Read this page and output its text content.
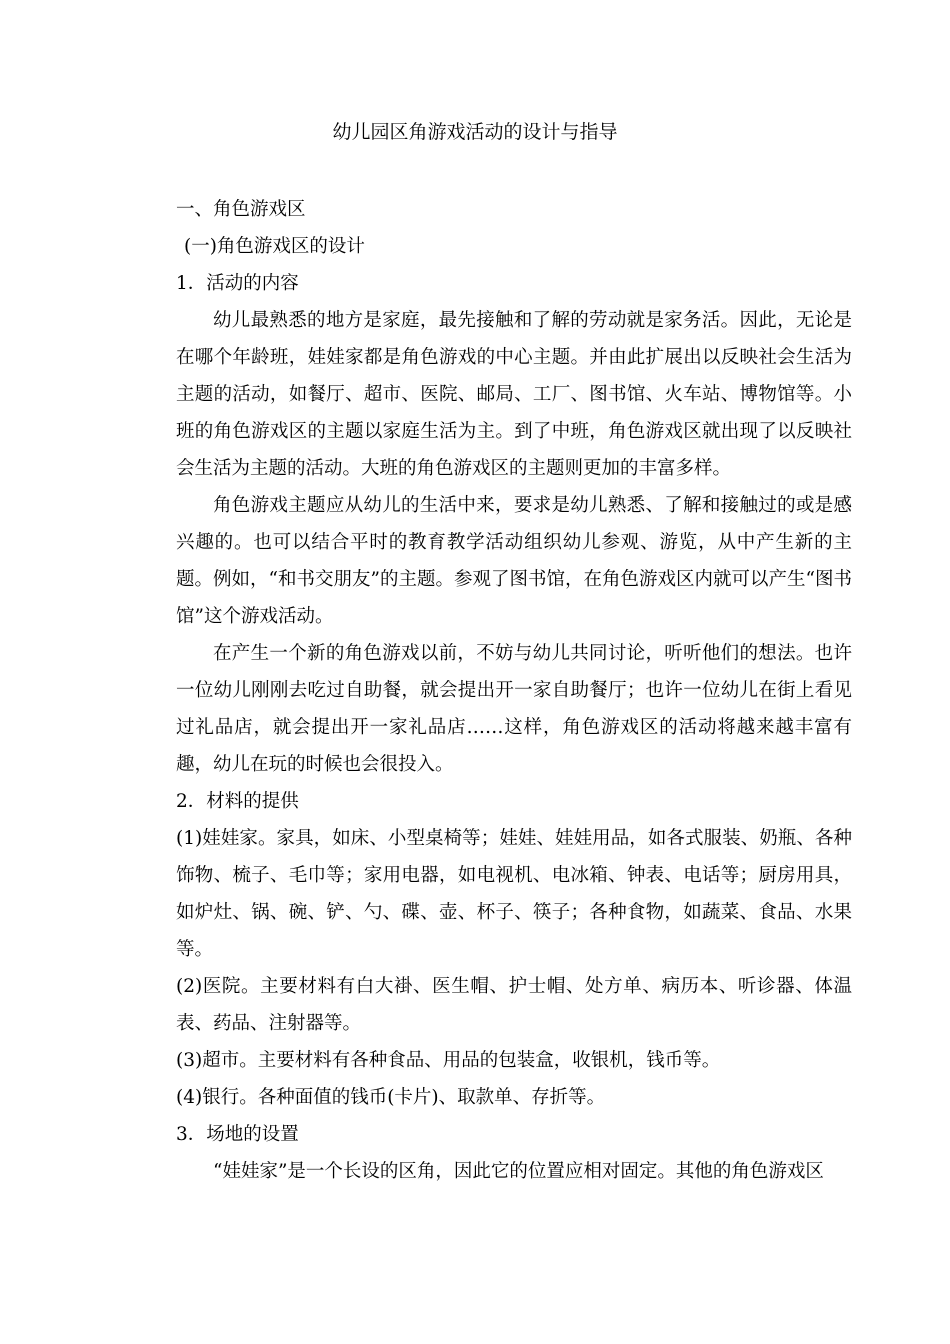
幼儿园区角游戏活动的设计与指导

一、角色游戏区

(一)角色游戏区的设计

1．活动的内容

幼儿最熟悉的地方是家庭，最先接触和了解的劳动就是家务活。因此，无论是在哪个年龄班，娃娃家都是角色游戏的中心主题。并由此扩展出以反映社会生活为主题的活动，如餐厅、超市、医院、邮局、工厂、图书馆、火车站、博物馆等。小班的角色游戏区的主题以家庭生活为主。到了中班，角色游戏区就出现了以反映社会生活为主题的活动。大班的角色游戏区的主题则更加的丰富多样。

角色游戏主题应从幼儿的生活中来，要求是幼儿熟悉、了解和接触过的或是感兴趣的。也可以结合平时的教育教学活动组织幼儿参观、游览，从中产生新的主题。例如，“和书交朋友”的主题。参观了图书馆，在角色游戏区内就可以产生“图书馆”这个游戏活动。

在产生一个新的角色游戏以前，不妨与幼儿共同讨论，听听他们的想法。也许一位幼儿刚刚去吃过自助餐，就会提出开一家自助餐厅；也许一位幼儿在街上看见过礼品店，就会提出开一家礼品店……这样，角色游戏区的活动将越来越丰富有趣，幼儿在玩的时候也会很投入。

2．材料的提供

(1)娃娃家。家具，如床、小型桌椅等；娃娃、娃娃用品，如各式服装、奶瓶、各种饰物、梳子、毛巾等；家用电器，如电视机、电冰箱、钟表、电话等；厨房用具，如炉灶、锅、碗、铲、勺、碟、壶、杯子、筷子；各种食物，如蔬菜、食品、水果等。

(2)医院。主要材料有白大褂、医生帽、护士帽、处方单、病历本、听诊器、体温表、药品、注射器等。

(3)超市。主要材料有各种食品、用品的包装盒，收银机，钱币等。

(4)银行。各种面值的钱币(卡片)、取款单、存折等。

3．场地的设置

“娃娃家”是一个长设的区角，因此它的位置应相对固定。其他的角色游戏区
